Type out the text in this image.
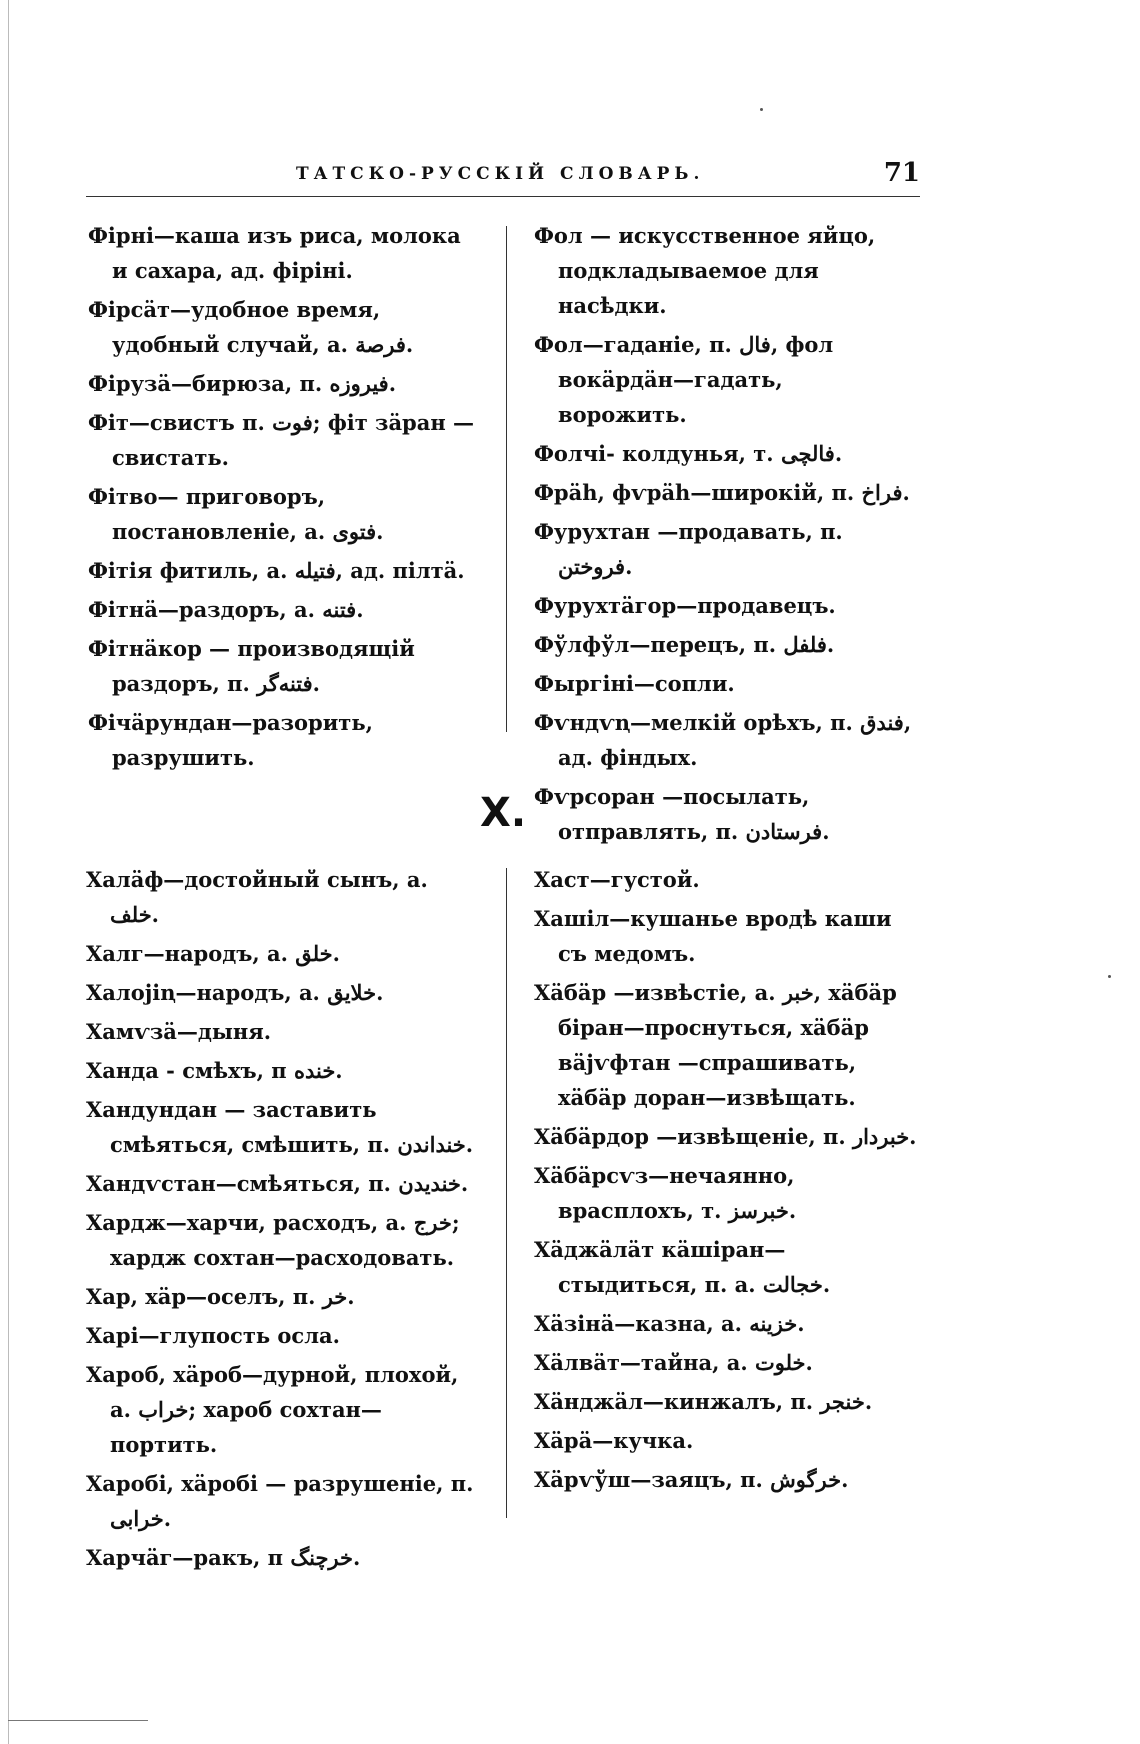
ТАТСКО-РУССКІЙ СЛОВАРЬ.	71

Фірні—каша изъ риса, молока и сахара, ад. фіріні.

Фірсäт—удобное время, удобный случай, а. فرصة.

Фірузä—бирюза, п. فيروزه.

Фіт—свистъ п. فوت; фіт зäран — свистать.

Фітво— приговоръ, постановленіе, а. فتوى.

Фітія фитиль, а. فتيله, ад. пілтä.

Фітнä—раздоръ, а. فتنه.

Фітнäкор — производящій раздоръ, п. فتنه‌گر.

Фічäрундан—разорить, разрушить.

Фол — искусственное яйцо, подкладываемое для насѣдки.

Фол—гаданіе, п. فال, фол вокäрдäн—гадать, ворожить.

Фолчі- колдунья, т. فالچى.

Фрäh, фѵрäh—широкій, п. فراخ.

Фуруxтан —продавать, п. فروختن.

Фуруxтäгор—продавецъ.

Фўлфўл—перецъ, п. فلفل.

Фыргіні—сопли.

Фѵндѵꞑ—мелкій орѣхъ, п. فندق, ад. фіндых.

Фѵрсоран —посылать, отправлять, п. فرستادن.

Х.

Халäф—достойный сынъ, а. خلف.

Халг—народъ, а. خلق.

Халоjіꞑ—народъ, а. خلايق.

Хамѵзä—дыня.

Ханда - смѣхъ, п خنده.

Хандундан — заставить смѣяться, смѣшить, п. خنداندن.

Хандѵстан—смѣяться, п. خنديدن.

Хардж—харчи, расходъ, а. خرج; хардж сохтан—расходовать.

Хар, хäр—оселъ, п. خر.

Харі—глупость осла.

Хароб, хäроб—дурной, плохой, а. خراب; хароб сохтан—портить.

Харобі, хäробі — разрушеніе, п. خرابى.

Харчäг—ракъ, п خرچنگ.

Хаст—густой.

Хашіл—кушанье вродѣ каши съ медомъ.

Хäбäр —извѣстіе, а. خبر, хäбäр біран—проснуться, хäбäр вäjѵфтан —спрашивать, хäбäр доран—извѣщать.

Хäбäрдор —извѣщеніе, п. خبردار.

Хäбäрсѵз—нечаянно, врасплохъ, т. خبرسز.

Хäджäлäт кäшіран—стыдиться, п. а. خجالت.

Хäзінä—казна, а. خزينه.

Хäлвäт—тайна, а. خلوت.

Хäнджäл—кинжалъ, п. خنجر.

Хäрä—кучка.

Хäрѵўш—заяцъ, п. خرگوش.
